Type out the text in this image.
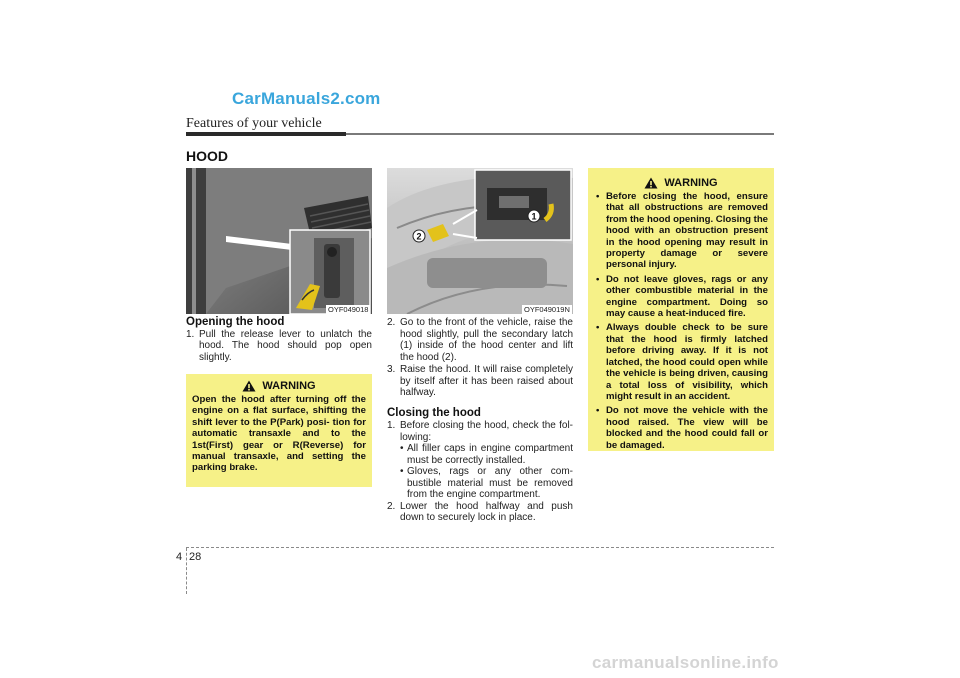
CarManuals2.com
Features of your vehicle
HOOD
OYF049018
1
2
OYF049019N

Opening the hood

1. Pull the release lever to unlatch the hood. The hood should pop open slightly.

WARNING
Open the hood after turning off the engine on a flat surface, shifting the shift lever to the P(Park) posi- tion for automatic transaxle and to the 1st(First) gear or R(Reverse) for manual transaxle, and setting the parking brake.

2. Go to the front of the vehicle, raise the hood slightly, pull the secondary latch (1) inside of the hood center and lift the hood (2).

3. Raise the hood. It will raise completely by itself after it has been raised about halfway.

Closing the hood

1. Before closing the hood, check the fol- lowing:

• All filler caps in engine compartment must be correctly installed.

• Gloves, rags or any other com- bustible material must be removed from the engine compartment.

2. Lower the hood halfway and push down to securely lock in place.

WARNING

• Before closing the hood, ensure that all obstructions are removed from the hood opening. Closing the hood with an obstruction present in the hood opening may result in property damage or severe personal injury.

• Do not leave gloves, rags or any other combustible material in the engine compartment. Doing so may cause a heat-induced fire.

• Always double check to be sure that the hood is firmly latched before driving away. If it is not latched, the hood could open while the vehicle is being driven, causing a total loss of visibility, which might result in an accident.

• Do not move the vehicle with the hood raised. The view will be blocked and the hood could fall or be damaged.

4 28
carmanualsonline.info
